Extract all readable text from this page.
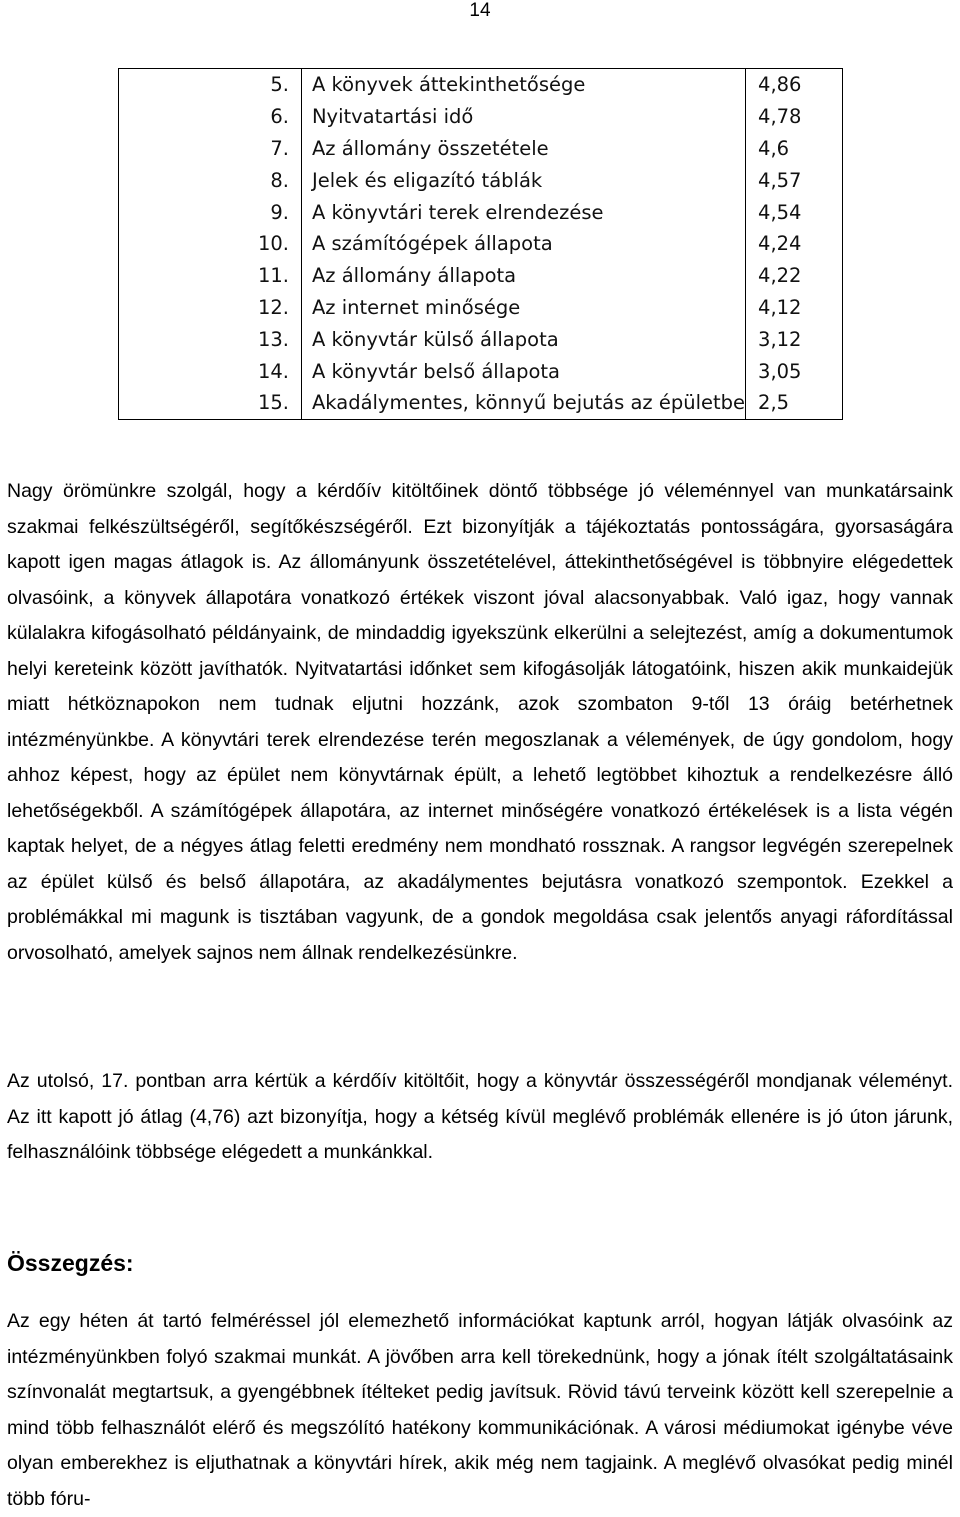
14
	5.	A könyvek áttekinthetősége	4,86
	6.	Nyitvatartási idő	4,78
	7.	Az állomány összetétele	4,6
	8.	Jelek és eligazító táblák	4,57
	9.	A könyvtári terek elrendezése	4,54
	10.	A számítógépek állapota	4,24
	11.	Az állomány állapota	4,22
	12.	Az internet minősége	4,12
	13.	A könyvtár külső állapota	3,12
	14.	A könyvtár belső állapota	3,05
	15.	Akadálymentes, könnyű bejutás az épületbe	2,5

Nagy örömünkre szolgál, hogy a kérdőív kitöltőinek döntő többsége jó véleménnyel van munkatársaink szakmai felkészültségéről, segítőkészségéről. Ezt bizonyítják a tájékoztatás pontosságára, gyorsaságára kapott igen magas átlagok is. Az állományunk összetételével, áttekinthetőségével is többnyire elégedettek olvasóink, a könyvek állapotára vonatkozó értékek viszont jóval alacsonyabbak. Való igaz, hogy vannak külalakra kifogásolható példányaink, de mindaddig igyekszünk elkerülni a selejtezést, amíg a dokumentumok helyi kereteink között javíthatók. Nyitvatartási időnket sem kifogásolják látogatóink, hiszen akik munkaidejük miatt hétköznapokon nem tudnak eljutni hozzánk, azok szombaton 9-től 13 óráig betérhetnek intézményünkbe. A könyvtári terek elrendezése terén megoszlanak a vélemények, de úgy gondolom, hogy ahhoz képest, hogy az épület nem könyvtárnak épült, a lehető legtöbbet kihoztuk a rendelkezésre álló lehetőségekből. A számítógépek állapotára, az internet minőségére vonatkozó értékelések is a lista végén kaptak helyet, de a négyes átlag feletti eredmény nem mondható rossznak. A rangsor legvégén szerepelnek az épület külső és belső állapotára, az akadálymentes bejutásra vonatkozó szempontok. Ezekkel a problémákkal mi magunk is tisztában vagyunk, de a gondok megoldása csak jelentős anyagi ráfordítással orvosolható, amelyek sajnos nem állnak rendelkezésünkre.

Az utolsó, 17. pontban arra kértük a kérdőív kitöltőit, hogy a könyvtár összességéről mondjanak véleményt. Az itt kapott jó átlag (4,76) azt bizonyítja, hogy a kétség kívül meglévő problémák ellenére is jó úton járunk, felhasználóink többsége elégedett a munkánkkal.

Összegzés:

Az egy héten át tartó felméréssel jól elemezhető információkat kaptunk arról, hogyan látják olvasóink az intézményünkben folyó szakmai munkát. A jövőben arra kell törekednünk, hogy a jónak ítélt szolgáltatásaink színvonalát megtartsuk, a gyengébbnek ítélteket pedig javítsuk. Rövid távú terveink között kell szerepelnie a mind több felhasználót elérő és megszólító hatékony kommunikációnak. A városi médiumokat igénybe véve olyan emberekhez is eljuthatnak a könyvtári hírek, akik még nem tagjaink. A meglévő olvasókat pedig minél több fóru-
